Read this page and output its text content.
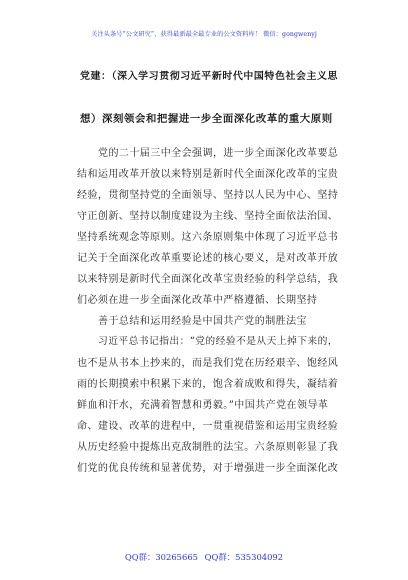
关注头条号“公文研究”，获得最新最全最专业的公文资料库！ 微信：gongwenyj
党建：（深入学习贯彻习近平新时代中国特色社会主义思
想）深刻领会和把握进一步全面深化改革的重大原则
党的二十届三中全会强调，进一步全面深化改革要总
结和运用改革开放以来特别是新时代全面深化改革的宝贵
经验，贯彻坚持党的全面领导、坚持以人民为中心、坚持
守正创新、坚持以制度建设为主线、坚持全面依法治国、
坚持系统观念等原则。这六条原则集中体现了习近平总书
记关于全面深化改革重要论述的核心要义，是对改革开放
以来特别是新时代全面深化改革宝贵经验的科学总结，我
们必须在进一步全面深化改革中严格遵循、长期坚持
善于总结和运用经验是中国共产党的制胜法宝
习近平总书记指出：“党的经验不是从天上掉下来的，
也不是从书本上抄来的，而是我们党在历经艰辛、饱经风
雨的长期摸索中积累下来的，饱含着成败和得失，凝结着
鲜血和汗水，充满着智慧和勇毅。”中国共产党在领导革
命、建设、改革的进程中，一贯重视借鉴和运用宝贵经验
从历史经验中提炼出克敌制胜的法宝。六条原则彰显了我
们党的优良传统和显著优势，对于增强进一步全面深化改
QQ群：30265665 QQ群：535304092
